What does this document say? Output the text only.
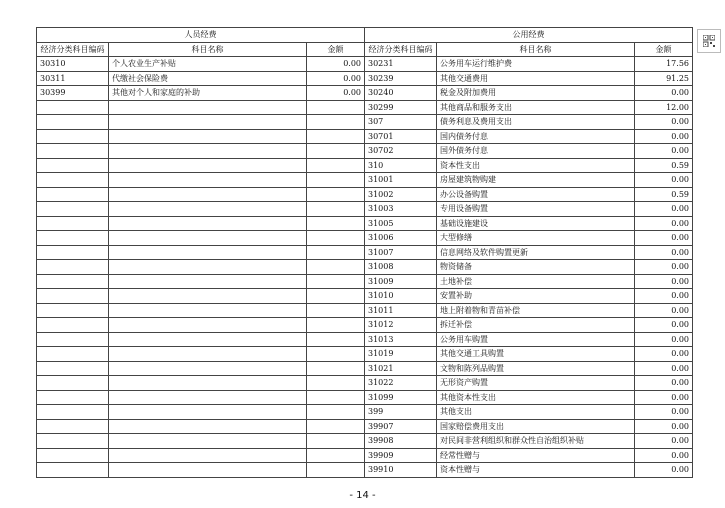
人员经费			公用经费		
经济分类科目编码	科目名称	金额	经济分类科目编码	科目名称	金额
30310	个人农业生产补贴	0.00	30231	公务用车运行维护费	17.56
30311	代缴社会保险费	0.00	30239	其他交通费用	91.25
30399	其他对个人和家庭的补助	0.00	30240	税金及附加费用	0.00
			30299	其他商品和服务支出	12.00
			307	债务利息及费用支出	0.00
			30701	国内债务付息	0.00
			30702	国外债务付息	0.00
			310	资本性支出	0.59
			31001	房屋建筑物购建	0.00
			31002	办公设备购置	0.59
			31003	专用设备购置	0.00
			31005	基础设施建设	0.00
			31006	大型修缮	0.00
			31007	信息网络及软件购置更新	0.00
			31008	物资储备	0.00
			31009	土地补偿	0.00
			31010	安置补助	0.00
			31011	地上附着物和青苗补偿	0.00
			31012	拆迁补偿	0.00
			31013	公务用车购置	0.00
			31019	其他交通工具购置	0.00
			31021	文物和陈列品购置	0.00
			31022	无形资产购置	0.00
			31099	其他资本性支出	0.00
			399	其他支出	0.00
			39907	国家赔偿费用支出	0.00
			39908	对民间非营利组织和群众性自治组织补贴	0.00
			39909	经常性赠与	0.00
			39910	资本性赠与	0.00
- 14 -
